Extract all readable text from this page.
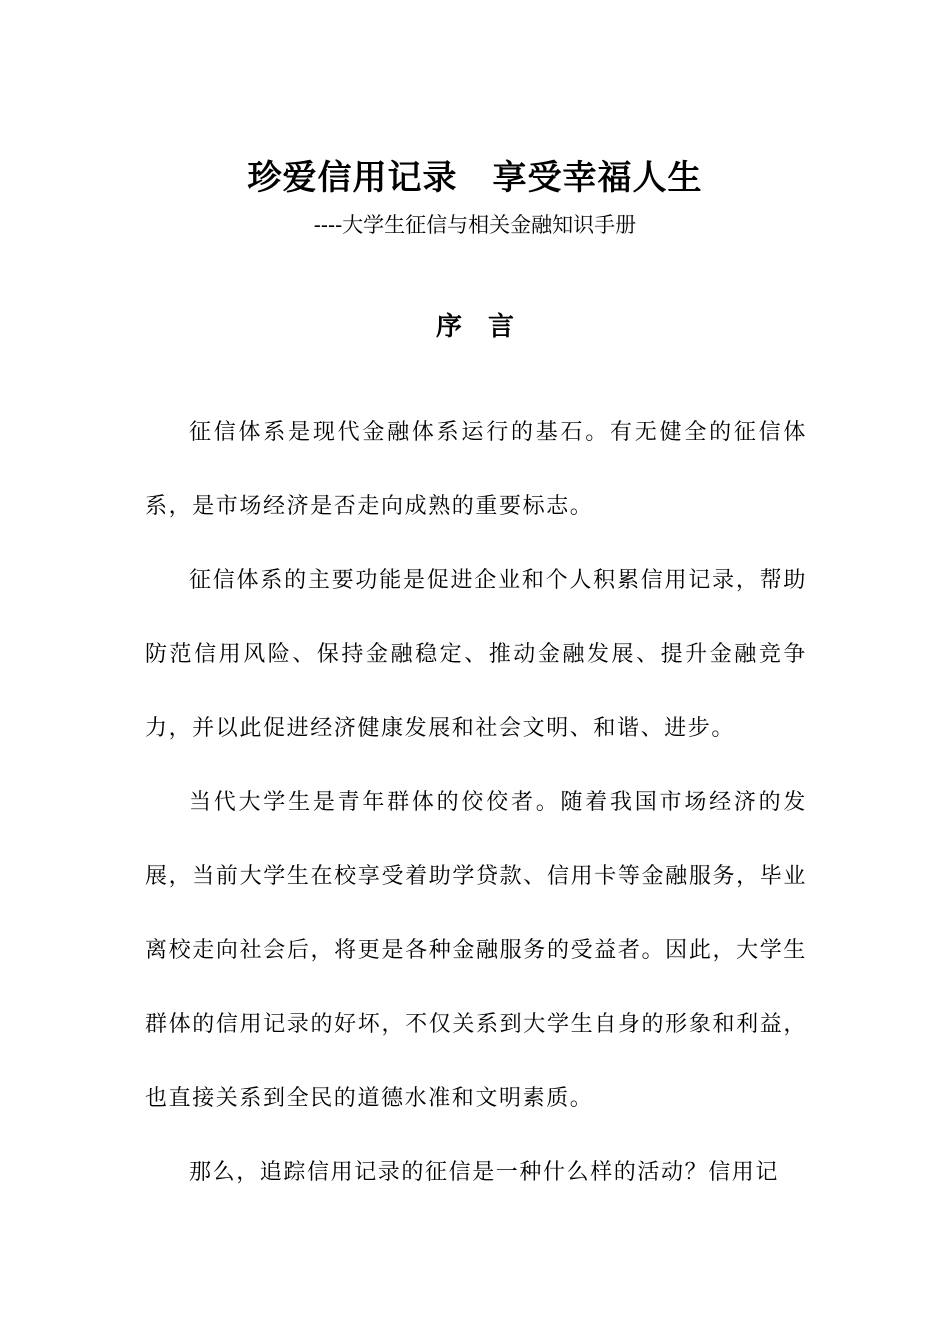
珍爱信用记录　享受幸福人生
----大学生征信与相关金融知识手册
序　言

征信体系是现代金融体系运行的基石。有无健全的征信体系，是市场经济是否走向成熟的重要标志。

征信体系的主要功能是促进企业和个人积累信用记录，帮助防范信用风险、保持金融稳定、推动金融发展、提升金融竞争力，并以此促进经济健康发展和社会文明、和谐、进步。

当代大学生是青年群体的佼佼者。随着我国市场经济的发展，当前大学生在校享受着助学贷款、信用卡等金融服务，毕业离校走向社会后，将更是各种金融服务的受益者。因此，大学生群体的信用记录的好坏，不仅关系到大学生自身的形象和利益，也直接关系到全民的道德水准和文明素质。

那么，追踪信用记录的征信是一种什么样的活动？信用记
